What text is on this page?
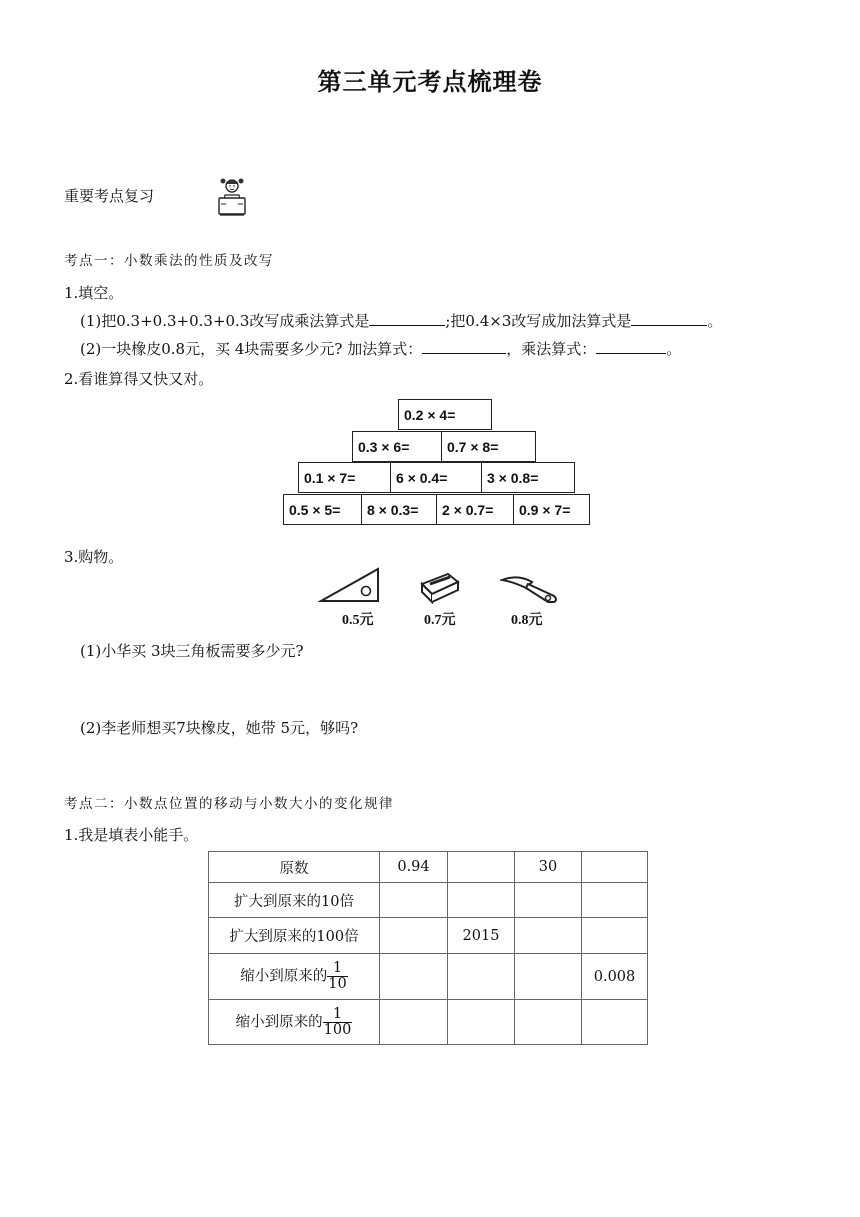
第三单元考点梳理卷
重要考点复习
考点一：小数乘法的性质及改写
1.填空。
(1)把0.3+0.3+0.3+0.3改写成乘法算式是	;把0.4×3改写成加法算式是	。
(2)一块橡皮0.8元，买 4块需要多少元? 加法算式：	，乘法算式：	。
2.看谁算得又快又对。
0.2 × 4=
0.3 × 6=	0.7 × 8=
0.1 × 7=	6 × 0.4=	3 × 0.8=
0.5 × 5=	8 × 0.3=	2 × 0.7=	0.9 × 7=
3.购物。
0.5元	0.7元	0.8元
(1)小华买 3块三角板需要多少元?
(2)李老师想买7块橡皮，她带 5元，够吗?
考点二：小数点位置的移动与小数大小的变化规律
1.我是填表小能手。
原数	0.94		30	
扩大到原来的10倍				
扩大到原来的100倍		2015		
缩小到原来的 $\frac{1}{10}$				0.008
缩小到原来的 $\frac{1}{100}$
